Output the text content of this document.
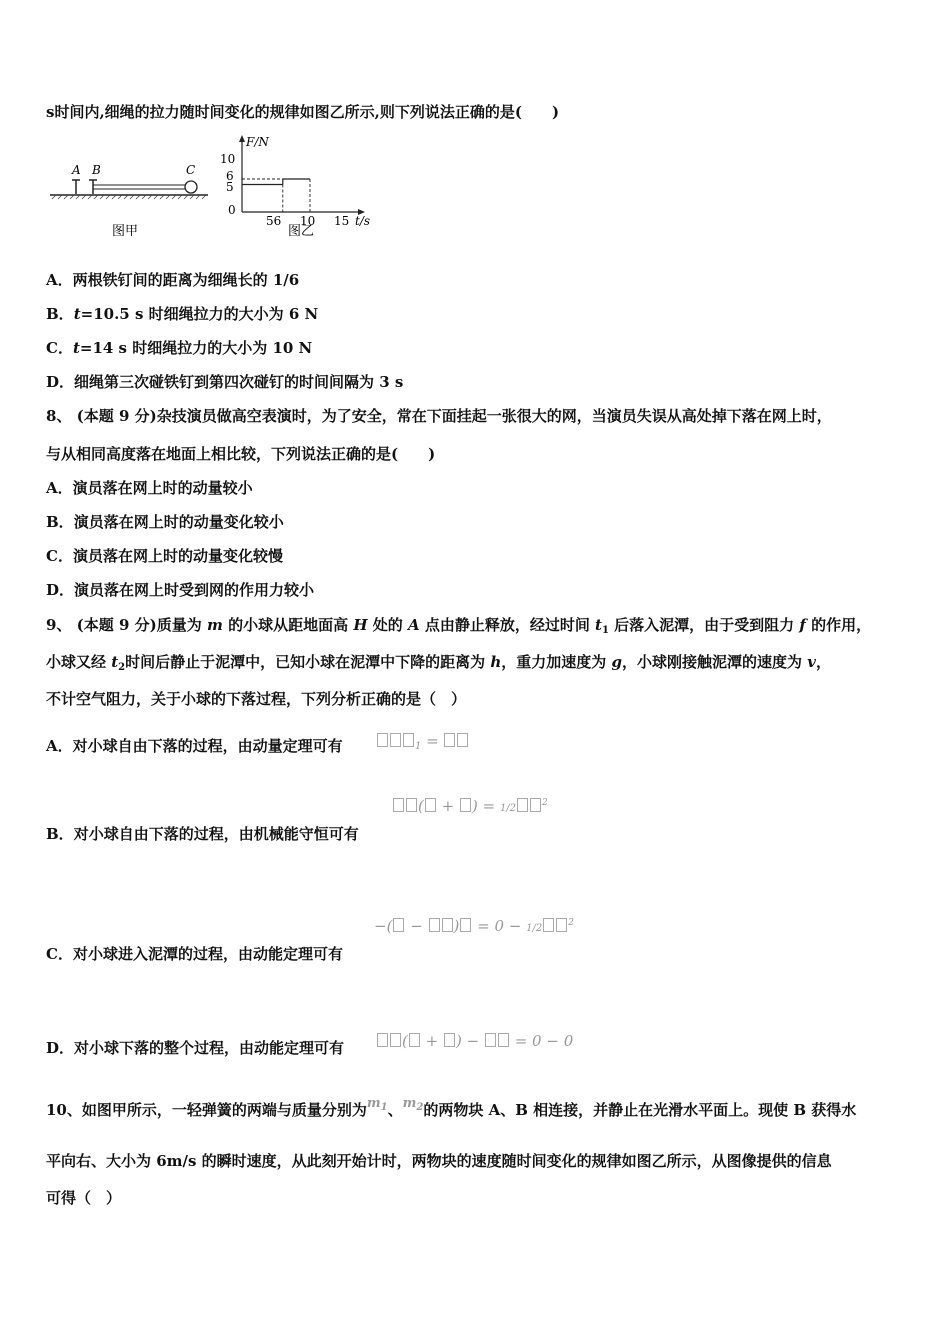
s时间内,细绳的拉力随时间变化的规律如图乙所示,则下列说法正确的是(　　)
A B	C
图甲
F/N
t/s
0
10
6
5
56 10 15
图乙
A．两根铁钉间的距离为细绳长的 1/6
B．t=10.5 s 时细绳拉力的大小为 6 N
C．t=14 s 时细绳拉力的大小为 10 N
D．细绳第三次碰铁钉到第四次碰钉的时间间隔为 3 s
8、 (本题 9 分)杂技演员做高空表演时，为了安全，常在下面挂起一张很大的网，当演员失误从高处掉下落在网上时，
与从相同高度落在地面上相比较，下列说法正确的是(　　)
A．演员落在网上时的动量较小
B．演员落在网上时的动量变化较小
C．演员落在网上时的动量变化较慢
D．演员落在网上时受到网的作用力较小
9、 (本题 9 分)质量为 m 的小球从距地面高 H 处的 A 点由静止释放，经过时间 $t_1$ 后落入泥潭，由于受到阻力 f 的作用，
小球又经 $t_2$时间后静止于泥潭中，已知小球在泥潭中下降的距离为 h，重力加速度为 g，小球刚接触泥潭的速度为 v，
不计空气阻力，关于小球的下落过程，下列分析正确的是（　）
A．对小球自由下落的过程，由动量定理可有	$_1$ =
( + ) = 1/2	$^2$
B．对小球自由下落的过程，由机械能守恒可有
−( − ) = 0 − 1/2	$^2$
C．对小球进入泥潭的过程，由动能定理可有
D．对小球下落的整个过程，由动能定理可有	( + ) −  = 0 − 0
10、如图甲所示，一轻弹簧的两端与质量分别为$m_1$、$m_2$的两物块 A、B 相连接，并静止在光滑水平面上。现使 B 获得水
平向右、大小为 6m/s 的瞬时速度，从此刻开始计时，两物块的速度随时间变化的规律如图乙所示，从图像提供的信息
可得（　）
